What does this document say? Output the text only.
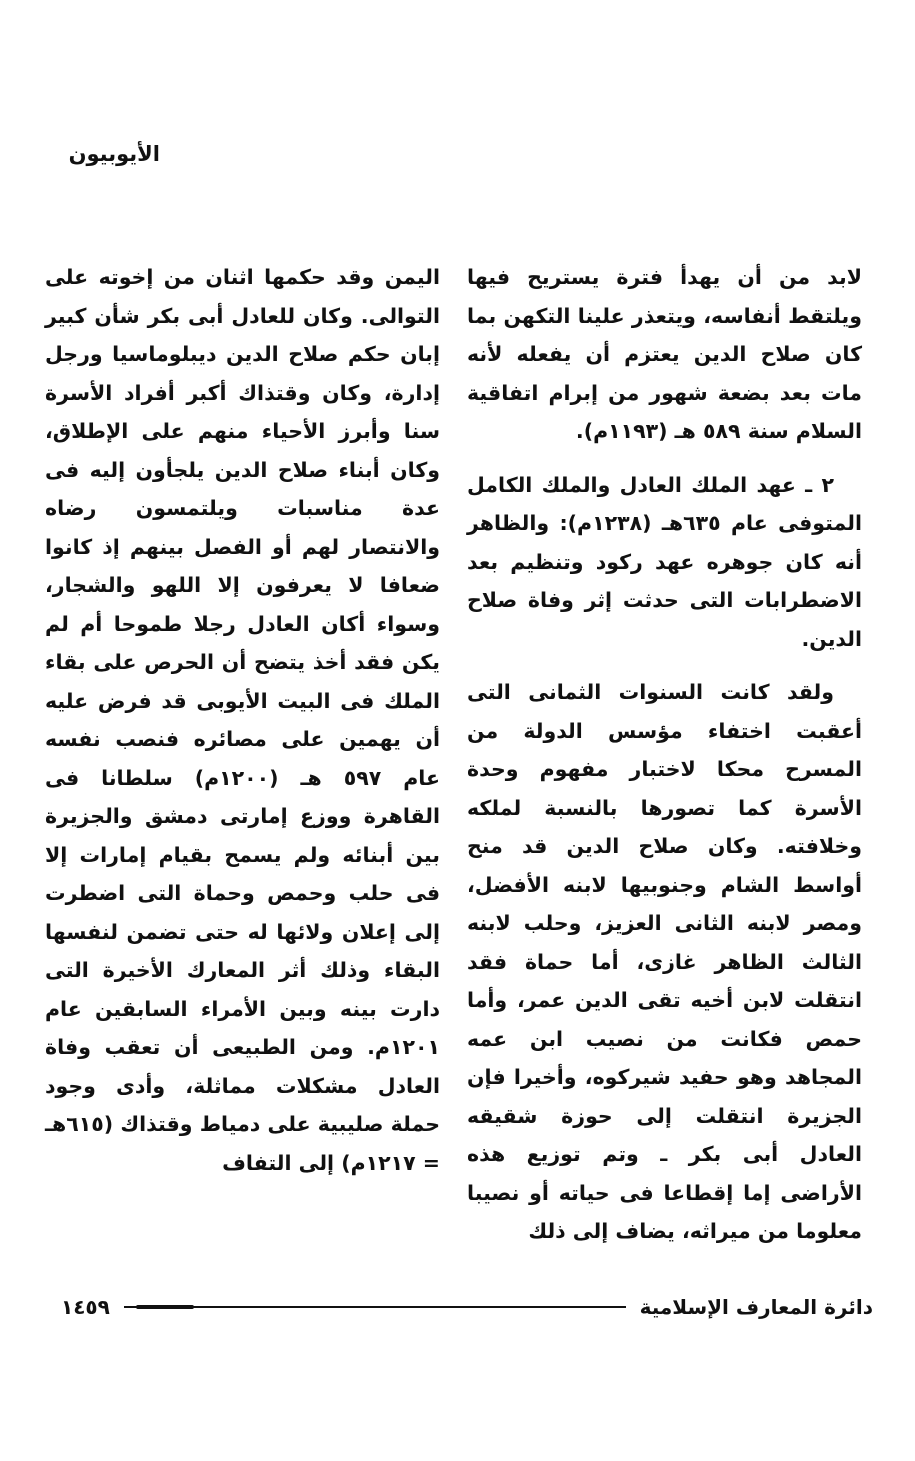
الأيوبيون

لابد من أن يهدأ فترة يستريح فيها ويلتقط أنفاسه، ويتعذر علينا التكهن بما كان صلاح الدين يعتزم أن يفعله لأنه مات بعد بضعة شهور من إبرام اتفاقية السلام سنة ٥٨٩ هـ (١١٩٣م).

٢ ـ عهد الملك العادل والملك الكامل المتوفى عام ٦٣٥هـ (١٢٣٨م): والظاهر أنه كان جوهره عهد ركود وتنظيم بعد الاضطرابات التى حدثت إثر وفاة صلاح الدين.

ولقد كانت السنوات الثمانى التى أعقبت اختفاء مؤسس الدولة من المسرح محكا لاختبار مفهوم وحدة الأسرة كما تصورها بالنسبة لملكه وخلافته. وكان صلاح الدين قد منح أواسط الشام وجنوبيها لابنه الأفضل، ومصر لابنه الثانى العزيز، وحلب لابنه الثالث الظاهر غازى، أما حماة فقد انتقلت لابن أخيه تقى الدين عمر، وأما حمص فكانت من نصيب ابن عمه المجاهد وهو حفيد شيركوه، وأخيرا فإن الجزيرة انتقلت إلى حوزة شقيقه العادل أبى بكر ـ وتم توزيع هذه الأراضى إما إقطاعا فى حياته أو نصيبا معلوما من ميراثه، يضاف إلى ذلك

اليمن وقد حكمها اثنان من إخوته على التوالى. وكان للعادل أبى بكر شأن كبير إبان حكم صلاح الدين ديبلوماسيا ورجل إدارة، وكان وقتذاك أكبر أفراد الأسرة سنا وأبرز الأحياء منهم على الإطلاق، وكان أبناء صلاح الدين يلجأون إليه فى عدة مناسبات ويلتمسون رضاه والانتصار لهم أو الفصل بينهم إذ كانوا ضعافا لا يعرفون إلا اللهو والشجار، وسواء أكان العادل رجلا طموحا أم لم يكن فقد أخذ يتضح أن الحرص على بقاء الملك فى البيت الأيوبى قد فرض عليه أن يهمين على مصائره فنصب نفسه عام ٥٩٧ هـ (١٢٠٠م) سلطانا فى القاهرة ووزع إمارتى دمشق والجزيرة بين أبنائه ولم يسمح بقيام إمارات إلا فى حلب وحمص وحماة التى اضطرت إلى إعلان ولائها له حتى تضمن لنفسها البقاء وذلك أثر المعارك الأخيرة التى دارت بينه وبين الأمراء السابقين عام ١٢٠١م. ومن الطبيعى أن تعقب وفاة العادل مشكلات مماثلة، وأدى وجود حملة صليبية على دمياط وقتذاك (٦١٥هـ = ١٢١٧م) إلى التفاف

دائرة المعارف الإسلامية
١٤٥٩
